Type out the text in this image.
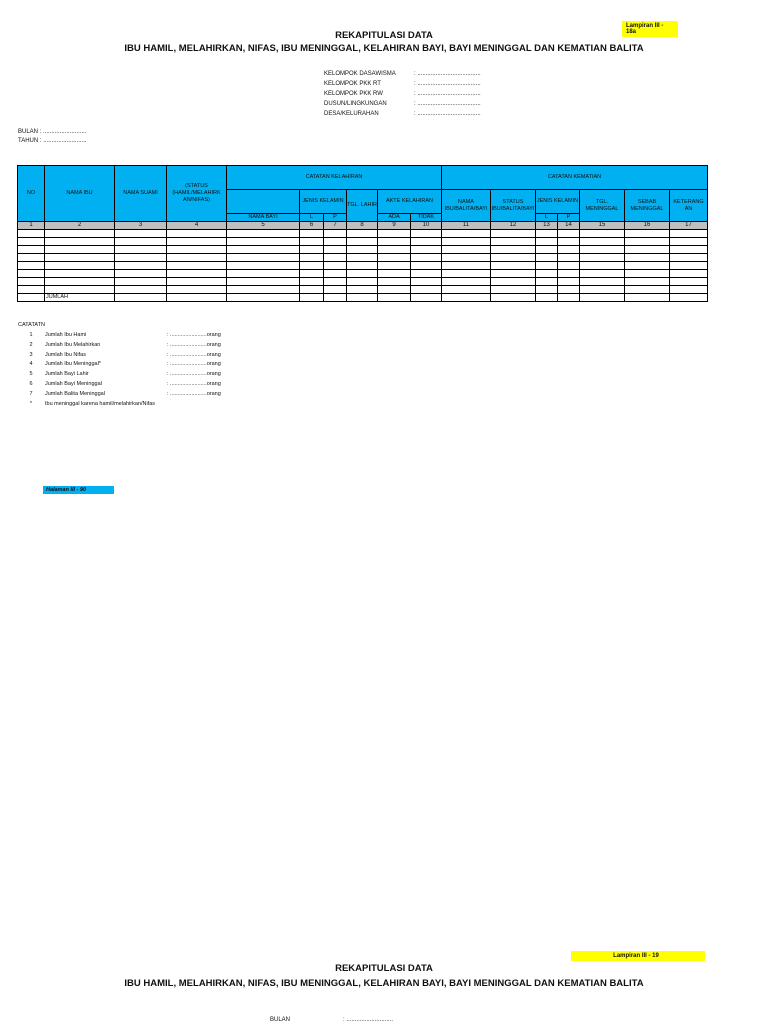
Lampiran III - 18a
REKAPITULASI DATA
IBU HAMIL, MELAHIRKAN, NIFAS, IBU MENINGGAL, KELAHIRAN BAYI, BAYI MENINGGAL DAN KEMATIAN BALITA
KELOMPOK DASAWISMA	: ......................................
KELOMPOK PKK RT	: ......................................
KELOMPOK PKK RW	: ......................................
DUSUN/LINGKUNGAN	: ......................................
DESA/KELURAHAN	: ......................................
BULAN : ..........................
TAHUN : ..........................
NO	NAMA IBU	NAMA SUAMI	(STATUS (HAMIL/MELAHIRK AN/NIFAS)	CATATAN KELAHIRAN						CATATAN KEMATIAN						
					JENIS KELAMIN		TGL. LAHIR	AKTE KELAHIRAN		NAMA IBU/BALITA/BAYI	STATUS IBU/BALITA/BAYI	JENIS KELAMIN		TGL. MENINGGAL	SEBAB MENINGGAL	KETERANG AN
				NAMA BAYI	L	P		ADA	TIDAK			L	P			
1	2	3	4	5	6	7	8	9	10	11	12	13	14	15	16	17

	JUMLAH															
CATATATN
1	Jumlah Ibu Hami	: ........................orang
2	Jumlah Ibu Melahirkan	: ........................orang
3	Jumlah Ibu Nifas	: ........................orang
4	Jumlah Ibu Meninggal*	: ........................orang
5	Jumlah Bayi Lahir	: ........................orang
6	Jumlah Bayi Meninggal	: ........................orang
7	Jumlah Balita Meninggal	: ........................orang
*	Ibu meninggal karena hamil/melahirkan/Nifas
Halaman III - 90
Lampiran III - 19
REKAPITULASI DATA
IBU HAMIL, MELAHIRKAN, NIFAS, IBU MENINGGAL, KELAHIRAN BAYI, BAYI MENINGGAL DAN KEMATIAN BALITA
BULAN	: ............................
